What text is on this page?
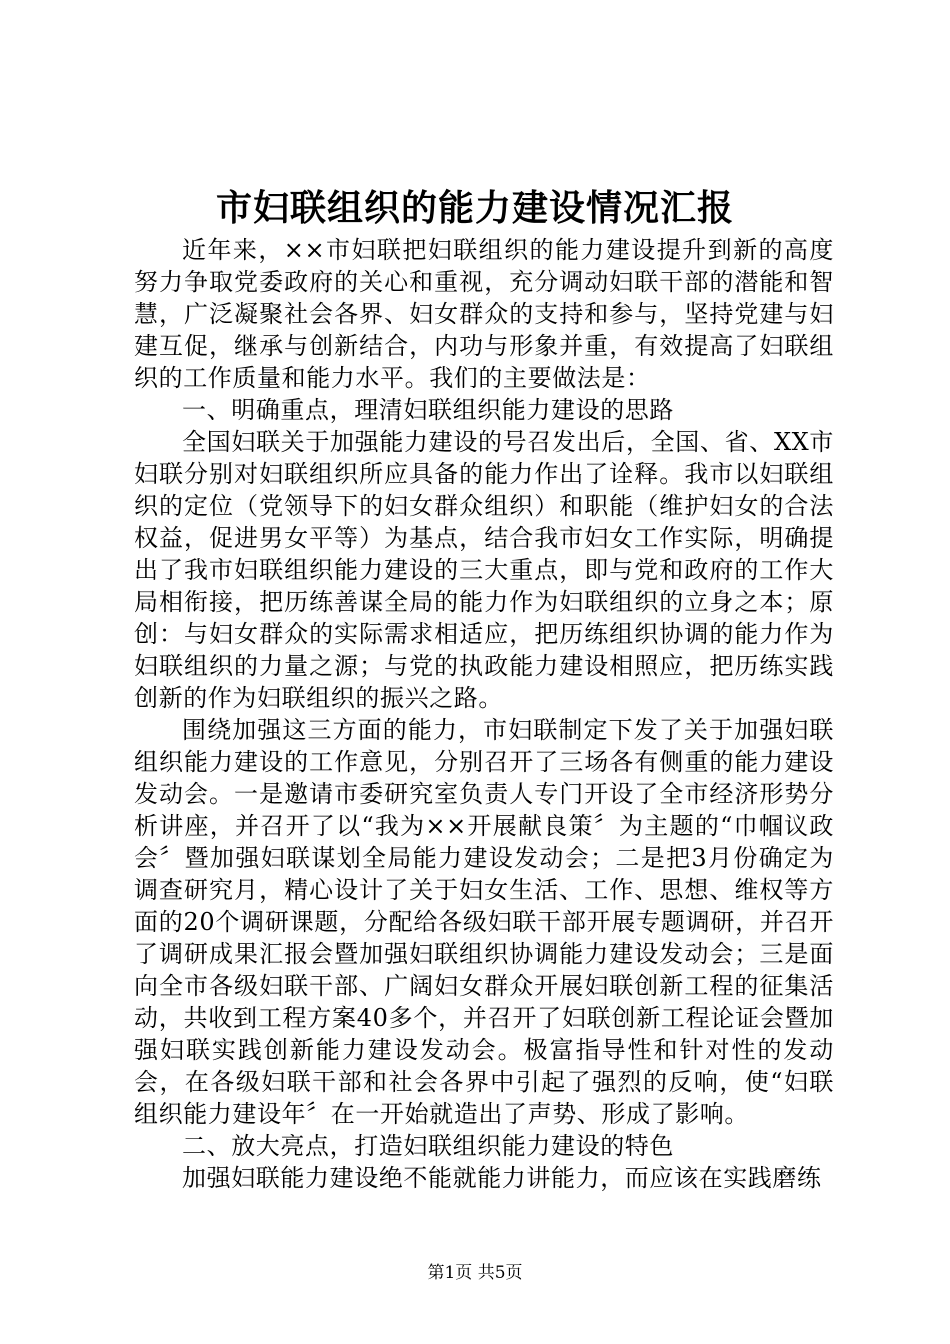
市妇联组织的能力建设情况汇报

近年来，××市妇联把妇联组织的能力建设提升到新的高度努力争取党委政府的关心和重视，充分调动妇联干部的潜能和智慧，广泛凝聚社会各界、妇女群众的支持和参与，坚持党建与妇建互促，继承与创新结合，内功与形象并重，有效提高了妇联组织的工作质量和能力水平。我们的主要做法是：

一、明确重点，理清妇联组织能力建设的思路

全国妇联关于加强能力建设的号召发出后，全国、省、XX市妇联分别对妇联组织所应具备的能力作出了诠释。我市以妇联组织的定位（党领导下的妇女群众组织）和职能（维护妇女的合法权益，促进男女平等）为基点，结合我市妇女工作实际，明确提出了我市妇联组织能力建设的三大重点，即与党和政府的工作大局相衔接，把历练善谋全局的能力作为妇联组织的立身之本；原创：与妇女群众的实际需求相适应，把历练组织协调的能力作为妇联组织的力量之源；与党的执政能力建设相照应，把历练实践创新的作为妇联组织的振兴之路。

围绕加强这三方面的能力，市妇联制定下发了关于加强妇联组织能力建设的工作意见，分别召开了三场各有侧重的能力建设发动会。一是邀请市委研究室负责人专门开设了全市经济形势分析讲座，并召开了以“我为××开展献良策〞为主题的“巾帼议政会〞暨加强妇联谋划全局能力建设发动会；二是把3月份确定为调查研究月，精心设计了关于妇女生活、工作、思想、维权等方面的20个调研课题，分配给各级妇联干部开展专题调研，并召开了调研成果汇报会暨加强妇联组织协调能力建设发动会；三是面向全市各级妇联干部、广阔妇女群众开展妇联创新工程的征集活动，共收到工程方案40多个，并召开了妇联创新工程论证会暨加强妇联实践创新能力建设发动会。极富指导性和针对性的发动会，在各级妇联干部和社会各界中引起了强烈的反响，使“妇联组织能力建设年〞在一开始就造出了声势、形成了影响。

二、放大亮点，打造妇联组织能力建设的特色

加强妇联能力建设绝不能就能力讲能力，而应该在实践磨练

第1页 共5页
